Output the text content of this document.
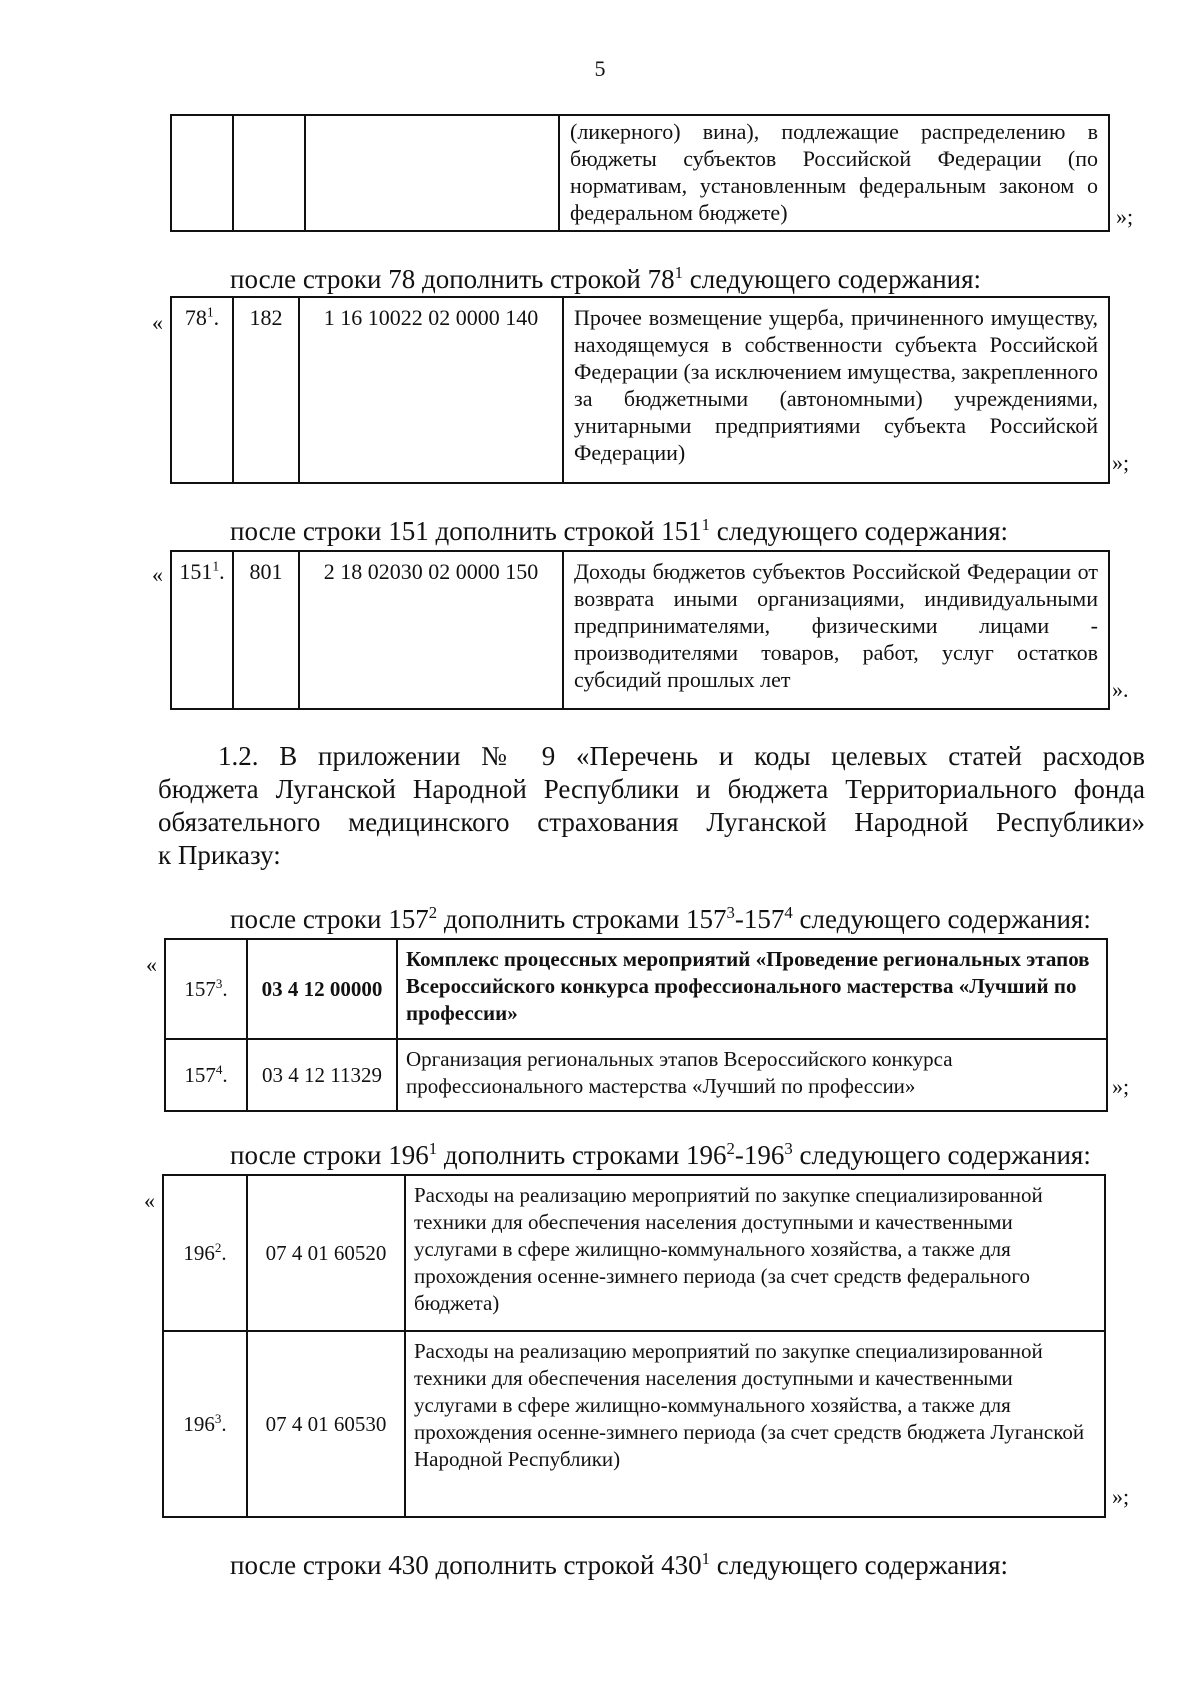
5
			(ликерного) вина), подлежащие распределению в бюджеты субъектов Российской Федерации (по нормативам, установленным федеральным законом о федеральном бюджете)	»;
после строки 78 дополнить строкой $78^1$ следующего содержания:
« $78^1$.	182	1 16 10022 02 0000 140	Прочее возмещение ущерба, причиненного имуществу, находящемуся в собственности субъекта Российской Федерации (за исключением имущества, закрепленного за бюджетными (автономными) учреждениями, унитарными предприятиями субъекта Российской Федерации)	»;
после строки 151 дополнить строкой $151^1$ следующего содержания:
« $151^1$.	801	2 18 02030 02 0000 150	Доходы бюджетов субъектов Российской Федерации от возврата иными организациями, индивидуальными предпринимателями, физическими лицами - производителями товаров, работ, услуг остатков субсидий прошлых лет	».

1.2. В приложении № 9 «Перечень и коды целевых статей расходов

бюджета Луганской Народной Республики и бюджета Территориального фонда

обязательного медицинского страхования Луганской Народной Республики»

к Приказу:

после строки $157^2$ дополнить строками $157^3-157^4$ следующего содержания:
«
$157^3$.	03 4 12 00000	Комплекс процессных мероприятий «Проведение региональных этапов Всероссийского конкурса профессионального мастерства «Лучший по профессии»
$157^4$.	03 4 12 11329	Организация региональных этапов Всероссийского конкурса профессионального мастерства «Лучший по профессии»	»;
после строки $196^1$ дополнить строками $196^2-196^3$ следующего содержания:
«
$196^2$.	07 4 01 60520	Расходы на реализацию мероприятий по закупке специализированной техники для обеспечения населения доступными и качественными услугами в сфере жилищно-коммунального хозяйства, а также для прохождения осенне-зимнего периода (за счет средств федерального бюджета)
$196^3$.	07 4 01 60530	Расходы на реализацию мероприятий по закупке специализированной техники для обеспечения населения доступными и качественными услугами в сфере жилищно-коммунального хозяйства, а также для прохождения осенне-зимнего периода (за счет средств бюджета Луганской Народной Республики)
»;
после строки 430 дополнить строкой $430^1$ следующего содержания:
